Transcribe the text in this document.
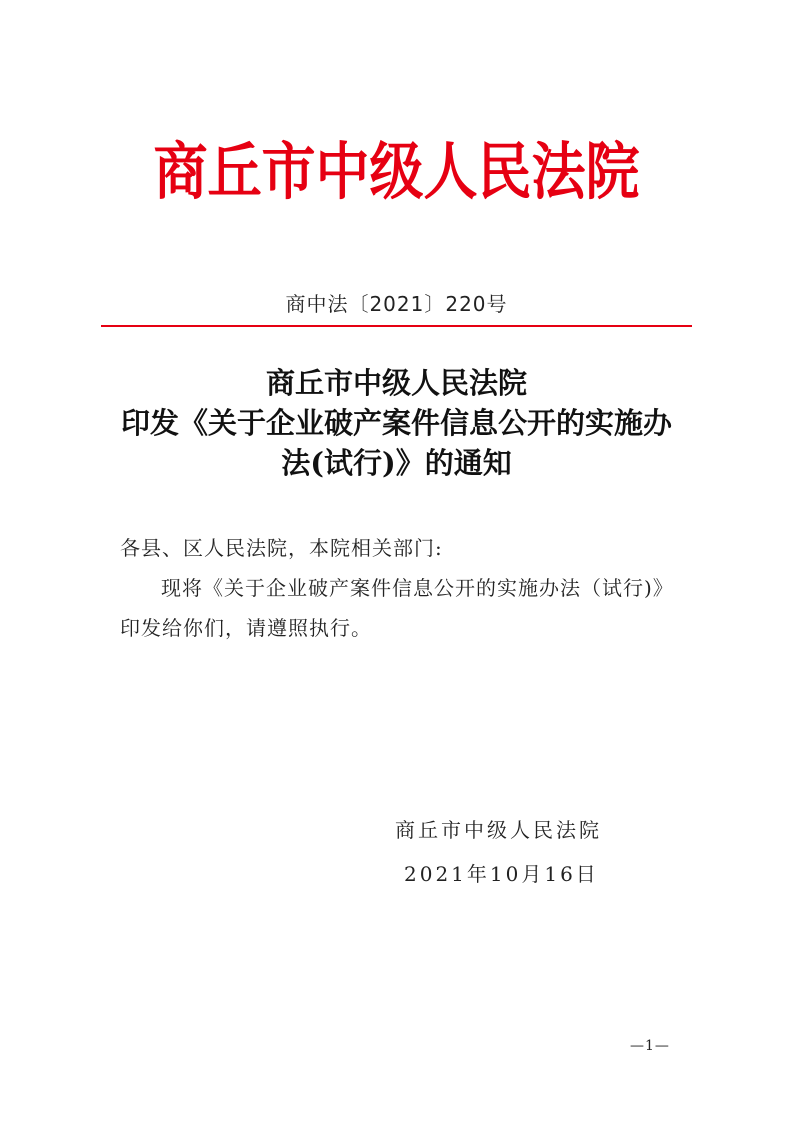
商丘市中级人民法院
商中法〔2021〕220号
商丘市中级人民法院
印发《关于企业破产案件信息公开的实施办
法(试行)》的通知
各县、区人民法院，本院相关部门:
现将《关于企业破产案件信息公开的实施办法（试行)》
印发给你们，请遵照执行。
商丘市中级人民法院
2021年10月16日
—1—
